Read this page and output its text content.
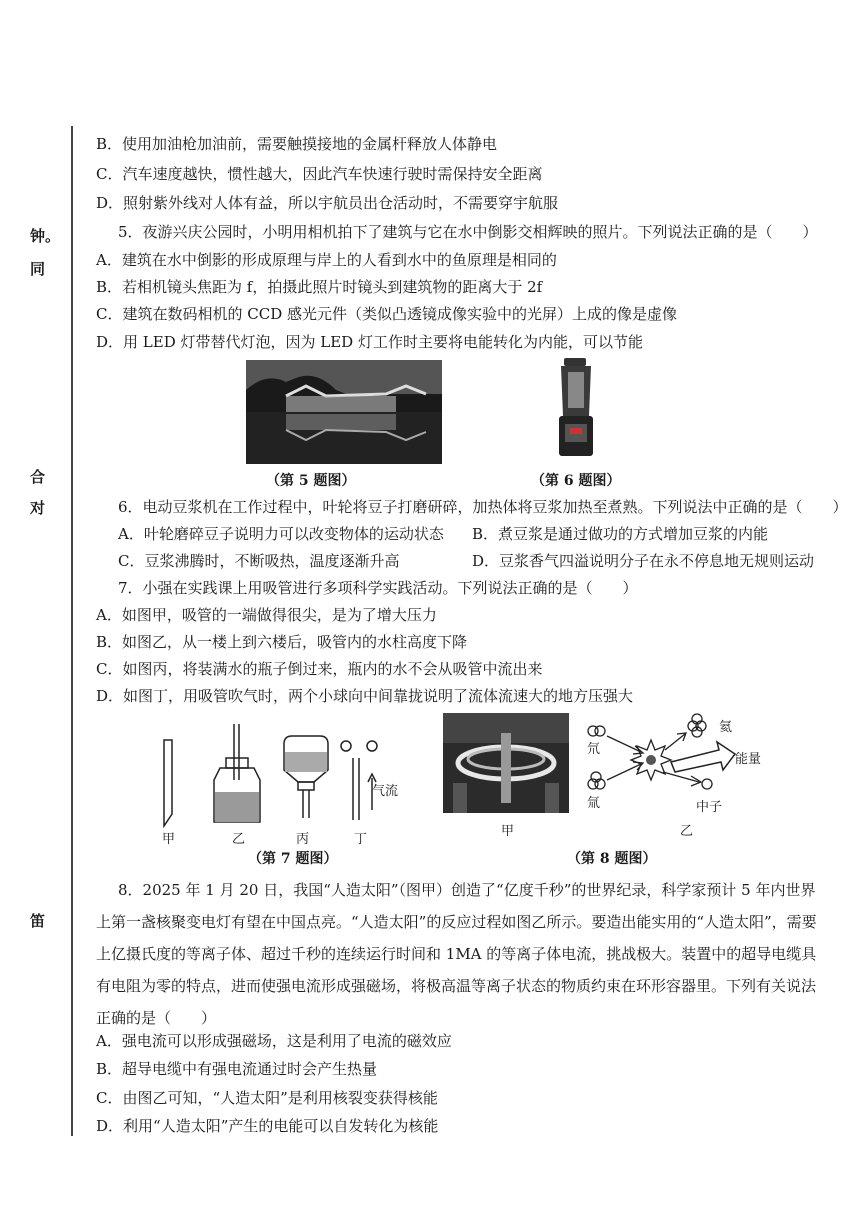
钟。
同
合
对
笛
B．使用加油枪加油前，需要触摸接地的金属杆释放人体静电
C．汽车速度越快，惯性越大，因此汽车快速行驶时需保持安全距离
D．照射紫外线对人体有益，所以宇航员出仓活动时，不需要穿宇航服
5．夜游兴庆公园时，小明用相机拍下了建筑与它在水中倒影交相辉映的照片。下列说法正确的是（　　）
A．建筑在水中倒影的形成原理与岸上的人看到水中的鱼原理是相同的
B．若相机镜头焦距为 f，拍摄此照片时镜头到建筑物的距离大于 2f
C．建筑在数码相机的 CCD 感光元件（类似凸透镜成像实验中的光屏）上成的像是虚像
D．用 LED 灯带替代灯泡，因为 LED 灯工作时主要将电能转化为内能，可以节能
（第 5 题图）	（第 6 题图）
6．电动豆浆机在工作过程中，叶轮将豆子打磨研碎，加热体将豆浆加热至煮熟。下列说法中正确的是（　　）
A．叶轮磨碎豆子说明力可以改变物体的运动状态 B．煮豆浆是通过做功的方式增加豆浆的内能
C．豆浆沸腾时，不断吸热，温度逐渐升高	D．豆浆香气四溢说明分子在永不停息地无规则运动
7．小强在实践课上用吸管进行多项科学实践活动。下列说法正确的是（　　）
A．如图甲，吸管的一端做得很尖，是为了增大压力
B．如图乙，从一楼上到六楼后，吸管内的水柱高度下降
C．如图丙，将装满水的瓶子倒过来，瓶内的水不会从吸管中流出来
D．如图丁，用吸管吹气时，两个小球向中间靠拢说明了流体流速大的地方压强大
气流
甲	乙	丙	丁
甲
氦
氘
氚
能量
中子
乙
（第 7 题图）	（第 8 题图）
8．2025 年 1 月 20 日，我国“人造太阳”（图甲）创造了“亿度千秒”的世界纪录，科学家预计 5 年内世界上第一盏核聚变电灯有望在中国点亮。“人造太阳”的反应过程如图乙所示。要造出能实用的“人造太阳”，需要上亿摄氏度的等离子体、超过千秒的连续运行时间和 1MA 的等离子体电流，挑战极大。装置中的超导电缆具有电阻为零的特点，进而使强电流形成强磁场，将极高温等离子状态的物质约束在环形容器里。下列有关说法正确的是（　　）
A．强电流可以形成强磁场，这是利用了电流的磁效应
B．超导电缆中有强电流通过时会产生热量
C．由图乙可知，“人造太阳”是利用核裂变获得核能
D．利用“人造太阳”产生的电能可以自发转化为核能
